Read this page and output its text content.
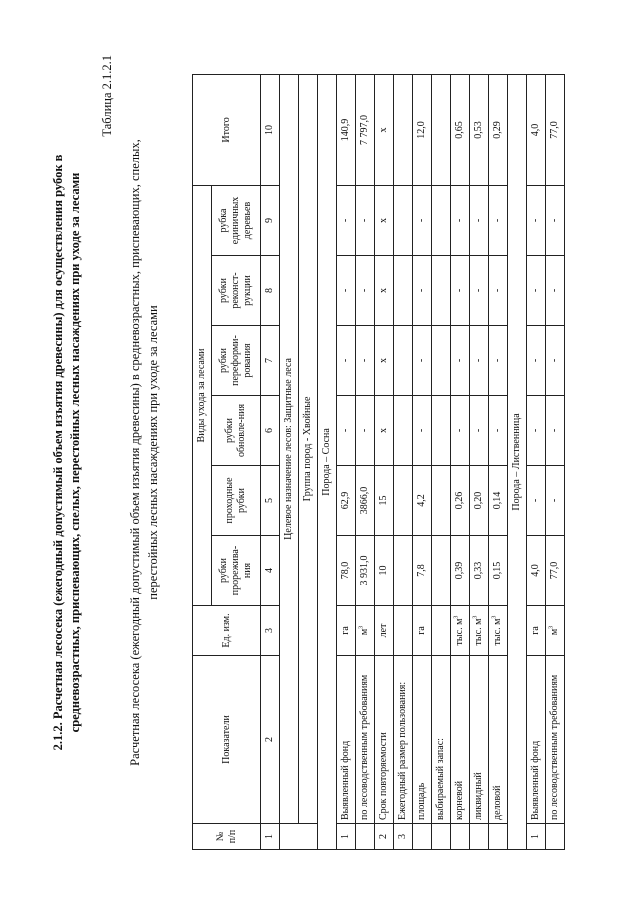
2.1.2. Расчетная лесосека (ежегодный допустимый объем изъятия древесины) для осуществления рубок в средневозрастных, приспевающих, спелых, перестойных лесных насаждениях при уходе за лесами
Таблица 2.1.2.1
Расчетная лесосека (ежегодный допустимый объем изъятия древесины) в средневозрастных, приспевающих, спелых, перестойных лесных насаждениях при уходе за лесами
№ п/п	Показатели	Ед. изм.	Виды ухода за лесами						Итого
			рубки прорежива-ния	проходные рубки	рубки обновле-ния	рубки переформи-рования	рубки реконст-рукции	рубка единичных деревьев	
1	2	3	4	5	6	7	8	9	10
	Целевое назначение лесов: Защитные леса								
	Группа пород - Хвойные								
Порода – Сосна									
1	Выявленный фонд	га	78,0	62,9	-	-	-	-	140,9
	по лесоводственным требованиям	$м^3$	3 931,0	3866,0	-	-	-	-	7 797,0
2	Срок повторяемости	лет	10	15	х	х	х	х	х
3	Ежегодный размер пользования:								
	площадь	га	7,8	4,2	-	-	-	-	12,0
	выбираемый запас:								
	корневой	тыс. $м^3$	0,39	0,26	-	-	-	-	0,65
	ликвидный	тыс. $м^3$	0,33	0,20	-	-	-	-	0,53
	деловой	тыс. $м^3$	0,15	0,14	-	-	-	-	0,29
Порода – Лиственница									
1	Выявленный фонд	га	4,0	-	-	-	-	-	4,0
	по лесоводственным требованиям	$м^3$	77,0	-	-	-	-	-	77,0
